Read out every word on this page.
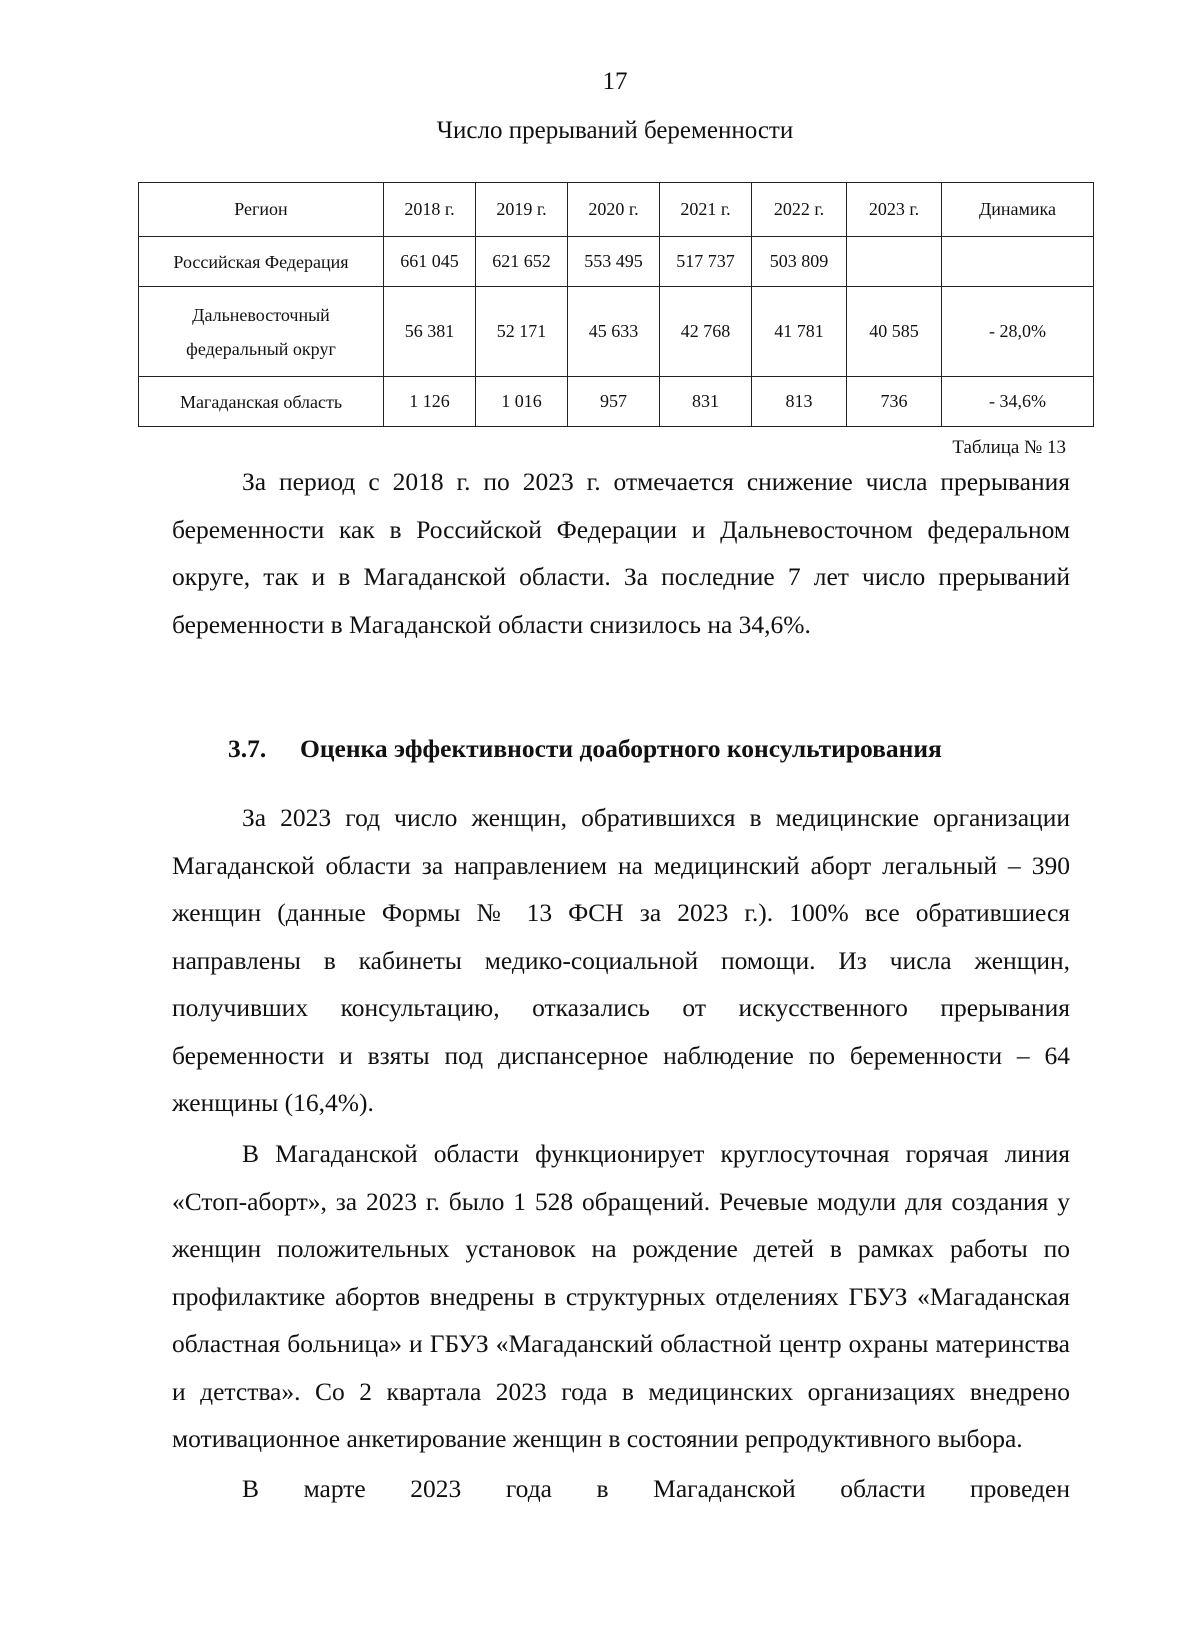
17
Число прерываний беременности
Регион	2018 г.	2019 г.	2020 г.	2021 г.	2022 г.	2023 г.	Динамика
Российская Федерация	661 045	621 652	553 495	517 737	503 809		
Дальневосточный федеральный округ	56 381	52 171	45 633	42 768	41 781	40 585	- 28,0%
Магаданская область	1 126	1 016	957	831	813	736	- 34,6%
Таблица № 13

За период с 2018 г. по 2023 г. отмечается снижение числа прерывания беременности как в Российской Федерации и Дальневосточном федеральном округе, так и в Магаданской области. За последние 7 лет число прерываний беременности в Магаданской области снизилось на 34,6%.

3.7. Оценка эффективности доабортного консультирования

За 2023 год число женщин, обратившихся в медицинские организации Магаданской области за направлением на медицинский аборт легальный – 390 женщин (данные Формы № 13 ФСН за 2023 г.). 100% все обратившиеся направлены в кабинеты медико-социальной помощи. Из числа женщин, получивших консультацию, отказались от искусственного прерывания беременности и взяты под диспансерное наблюдение по беременности – 64 женщины (16,4%).

В Магаданской области функционирует круглосуточная горячая линия «Стоп-аборт», за 2023 г. было 1 528 обращений. Речевые модули для создания у женщин положительных установок на рождение детей в рамках работы по профилактике абортов внедрены в структурных отделениях ГБУЗ «Магаданская областная больница» и ГБУЗ «Магаданский областной центр охраны материнства и детства». Со 2 квартала 2023 года в медицинских организациях внедрено мотивационное анкетирование женщин в состоянии репродуктивного выбора.

В марте 2023 года в Магаданской области проведен
